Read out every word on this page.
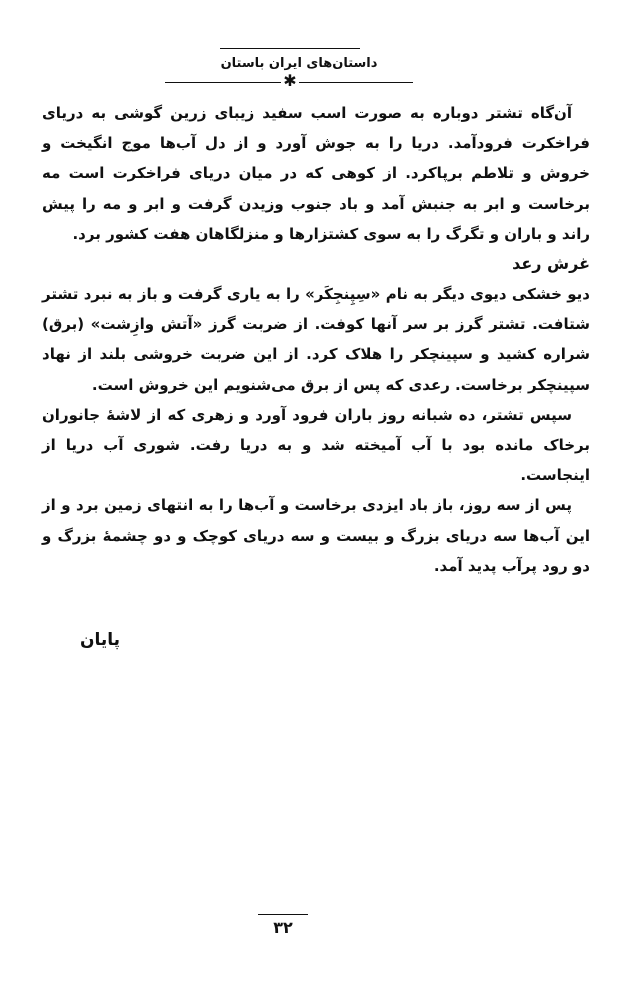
داستان‌های ایران باستان
✱

آن‌گاه تشتر دوباره به صورت اسب سفید زیبای زرین گوشی به دریای فراخکرت فرودآمد. دریا را به جوش آورد و از دل آب‌ها موج انگیخت و خروش و تلاطم برپاکرد. از کوهی که در میان دریای فراخکرت است مه برخاست و ابر به جنبش آمد و باد جنوب وزیدن گرفت و ابر و مه را پیش راند و باران و تگرگ را به سوی کشتزارها و منزلگاهان هفت کشور برد.

غرش رعد

دیو خشکی دیوی دیگر به نام «سِپِنجِکَر» را به یاری گرفت و باز به نبرد تشتر شتافت. تشتر گرز بر سر آنها کوفت. از ضربت گرز «آتش وازِشت» (برق) شراره کشید و سپینچکر را هلاک کرد. از این ضربت خروشی بلند از نهاد سپینچکر برخاست. رعدی که پس از برق می‌شنویم این خروش است.

سپس تشتر، ده شبانه روز باران فرود آورد و زهری که از لاشهٔ جانوران برخاک مانده بود با آب آمیخته شد و به دریا رفت. شوری آب دریا از اینجاست.

پس از سه روز، باز باد ایزدی برخاست و آب‌ها را به انتهای زمین برد و از این آب‌ها سه دریای بزرگ و بیست و سه دریای کوچک و دو چشمهٔ بزرگ و دو رود پرآب پدید آمد.

پایان
۳۲
